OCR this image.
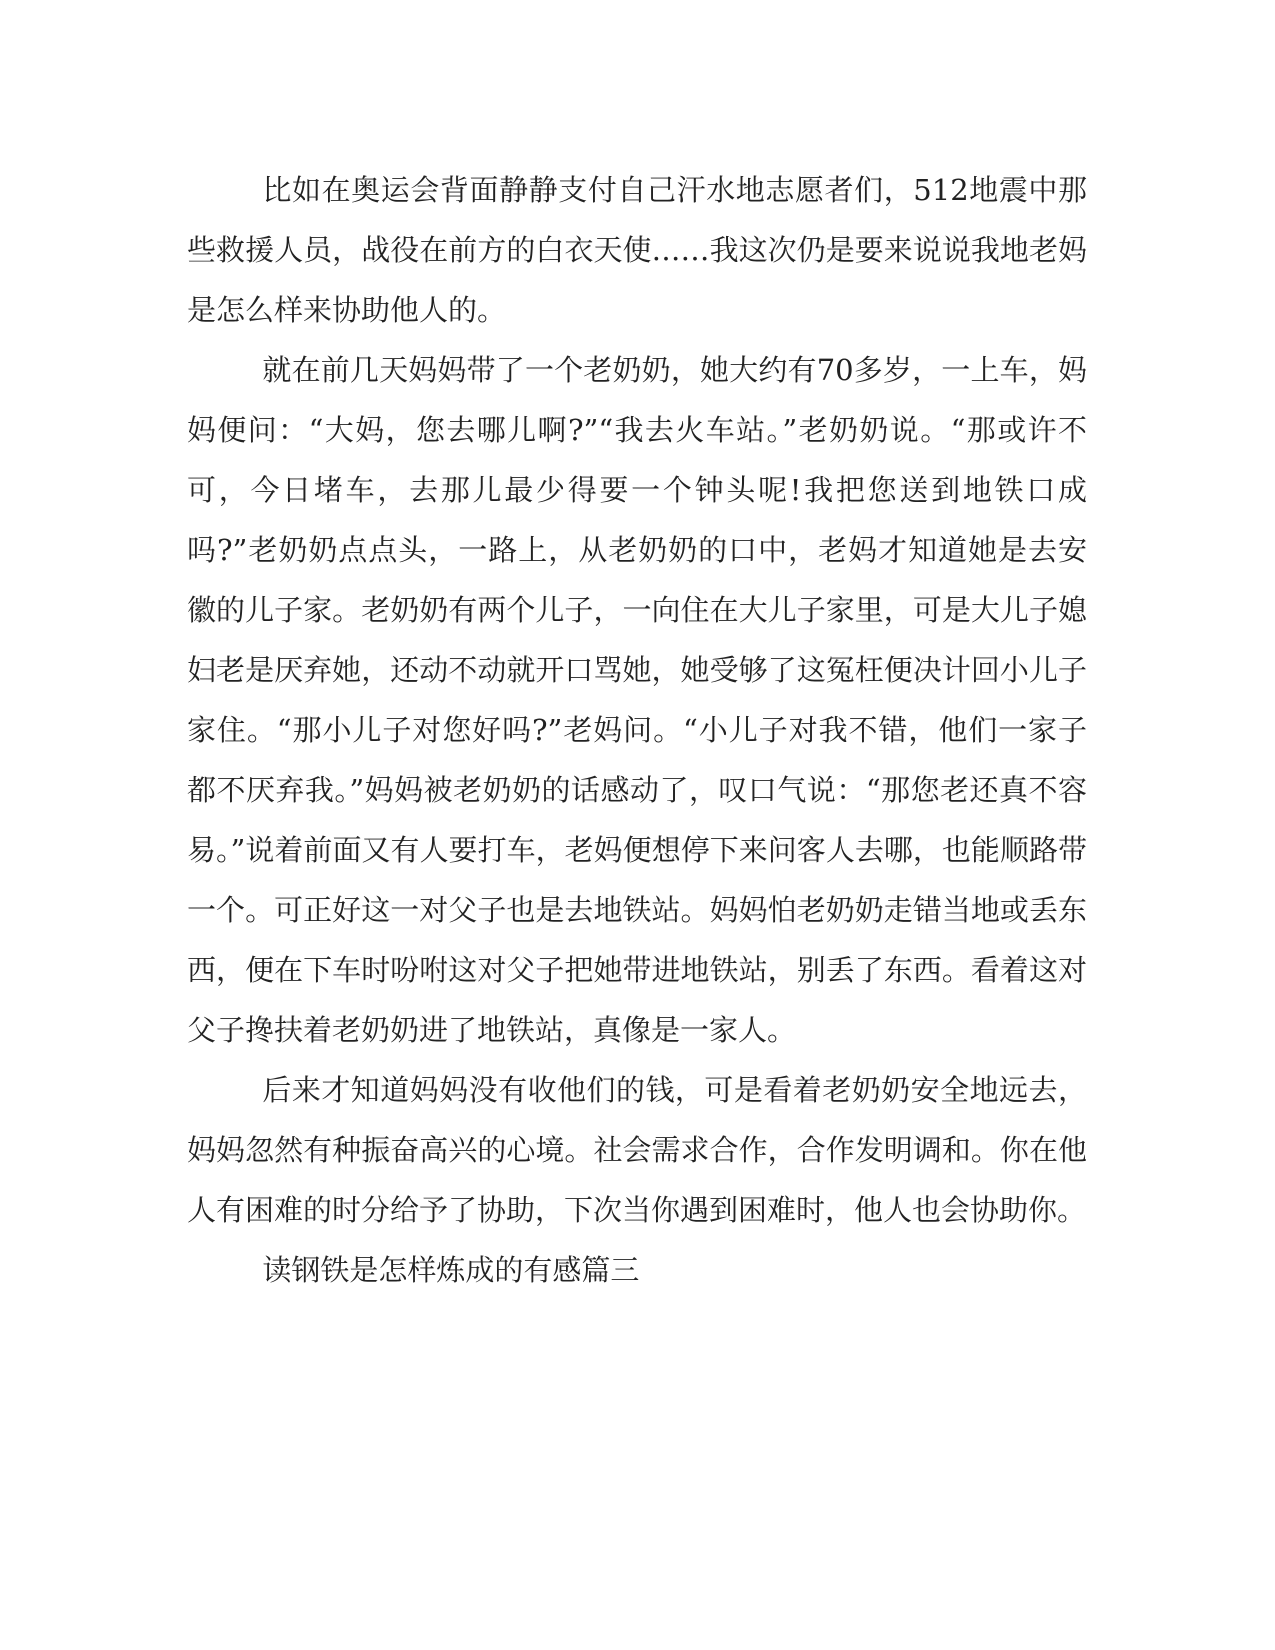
比如在奥运会背面静静支付自己汗水地志愿者们，512地震中那些救援人员，战役在前方的白衣天使……我这次仍是要来说说我地老妈是怎么样来协助他人的。

就在前几天妈妈带了一个老奶奶，她大约有70多岁，一上车，妈妈便问：“大妈，您去哪儿啊?”“我去火车站。”老奶奶说。“那或许不可，今日堵车，去那儿最少得要一个钟头呢!我把您送到地铁口成吗?”老奶奶点点头，一路上，从老奶奶的口中，老妈才知道她是去安徽的儿子家。老奶奶有两个儿子，一向住在大儿子家里，可是大儿子媳妇老是厌弃她，还动不动就开口骂她，她受够了这冤枉便决计回小儿子家住。“那小儿子对您好吗?”老妈问。“小儿子对我不错，他们一家子都不厌弃我。”妈妈被老奶奶的话感动了，叹口气说：“那您老还真不容易。”说着前面又有人要打车，老妈便想停下来问客人去哪，也能顺路带一个。可正好这一对父子也是去地铁站。妈妈怕老奶奶走错当地或丢东西，便在下车时吩咐这对父子把她带进地铁站，别丢了东西。看着这对父子搀扶着老奶奶进了地铁站，真像是一家人。

后来才知道妈妈没有收他们的钱，可是看着老奶奶安全地远去，妈妈忽然有种振奋高兴的心境。社会需求合作，合作发明调和。你在他人有困难的时分给予了协助，下次当你遇到困难时，他人也会协助你。

读钢铁是怎样炼成的有感篇三
